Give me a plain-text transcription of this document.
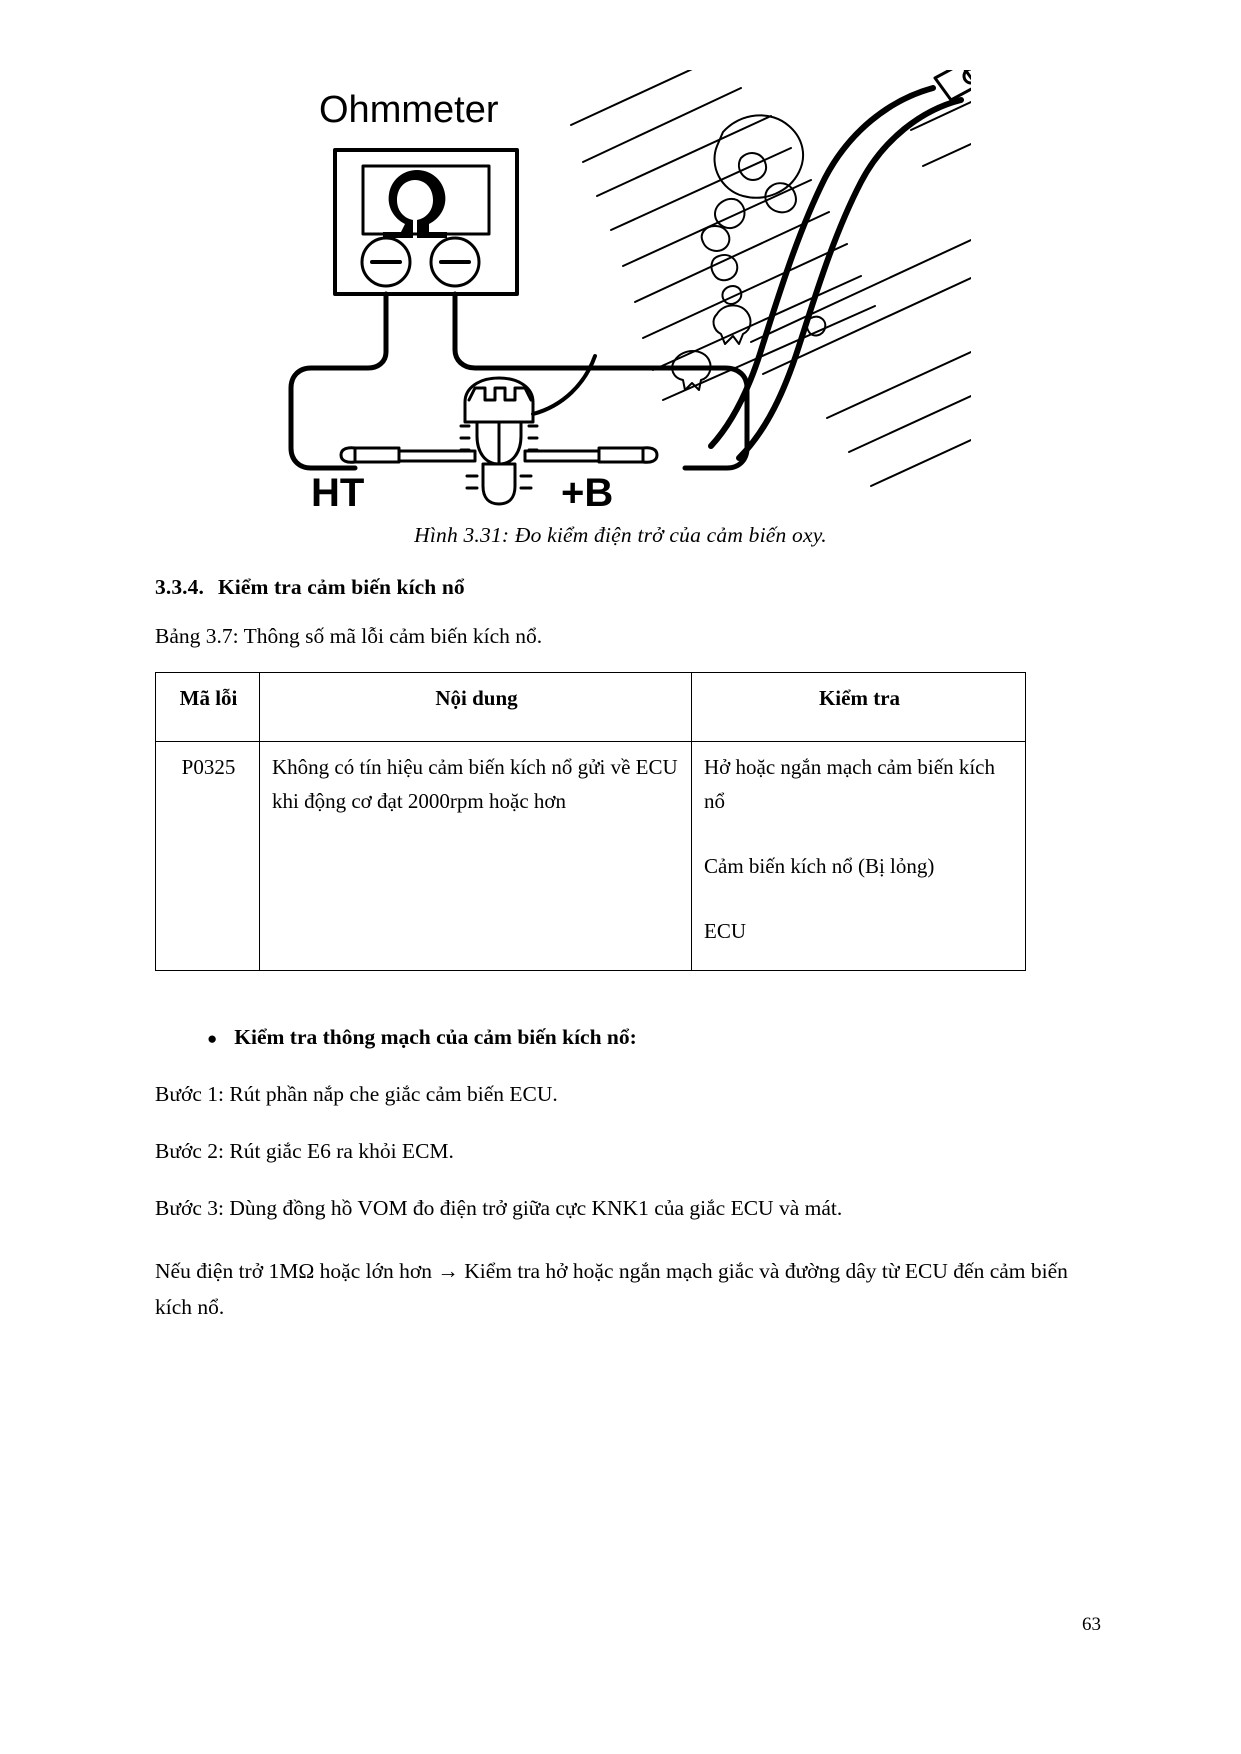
Ohmmeter
HT	+B
Hình 3.31: Đo kiểm điện trở của cảm biến oxy.

3.3.4. Kiểm tra cảm biến kích nổ

Bảng 3.7: Thông số mã lỗi cảm biến kích nổ.

Mã lỗi	Nội dung	Kiểm tra
P0325	Không có tín hiệu cảm biến kích nổ gửi về ECU khi động cơ đạt 2000rpm hoặc hơn	Hở hoặc ngắn mạch cảm biến kích nổ

Cảm biến kích nổ (Bị lỏng)

ECU

● Kiểm tra thông mạch của cảm biến kích nổ:

Bước 1: Rút phần nắp che giắc cảm biến ECU.

Bước 2: Rút giắc E6 ra khỏi ECM.

Bước 3: Dùng đồng hồ VOM đo điện trở giữa cực KNK1 của giắc ECU và mát.

Nếu điện trở 1MΩ hoặc lớn hơn → Kiểm tra hở hoặc ngắn mạch giắc và đường dây từ ECU đến cảm biến kích nổ.

63
